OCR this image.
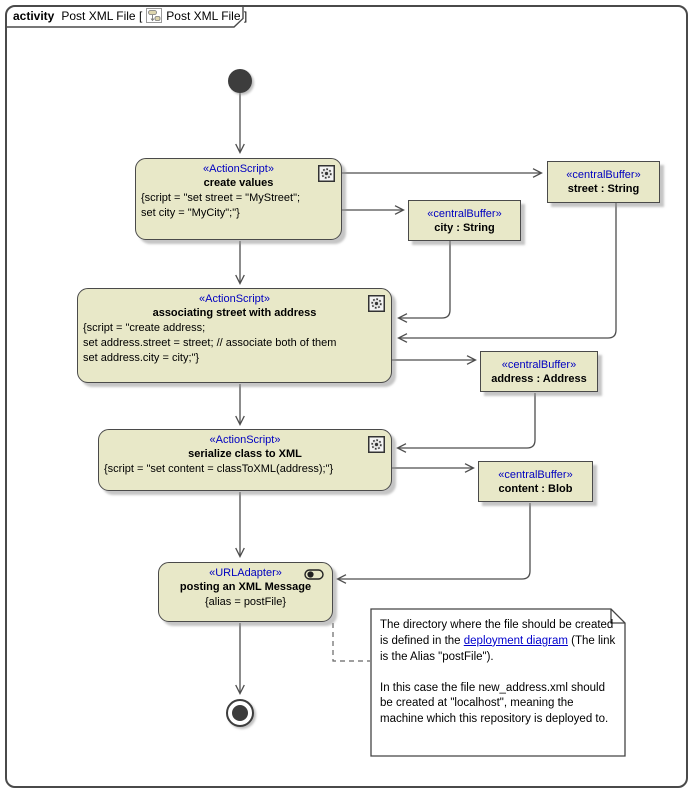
activity Post XML File [ Post XML File ]
«ActionScript»
create values
{script = "set street = "MyStreet";
set city = "MyCity";"}
«centralBuffer»
street : String
«centralBuffer»
city : String
«ActionScript»
associating street with address
{script = "create address;
set address.street = street; // associate both of them
set address.city = city;"}
«centralBuffer»
address : Address
«ActionScript»
serialize class to XML
{script = "set content = classToXML(address);"}	«centralBuffer»
content : Blob
«URLAdapter»
posting an XML Message
{alias = postFile}

The directory where the file should be created is defined in the deployment diagram (The link is the Alias "postFile").

In this case the file new_address.xml should be created at "localhost", meaning the machine which this repository is deployed to.
